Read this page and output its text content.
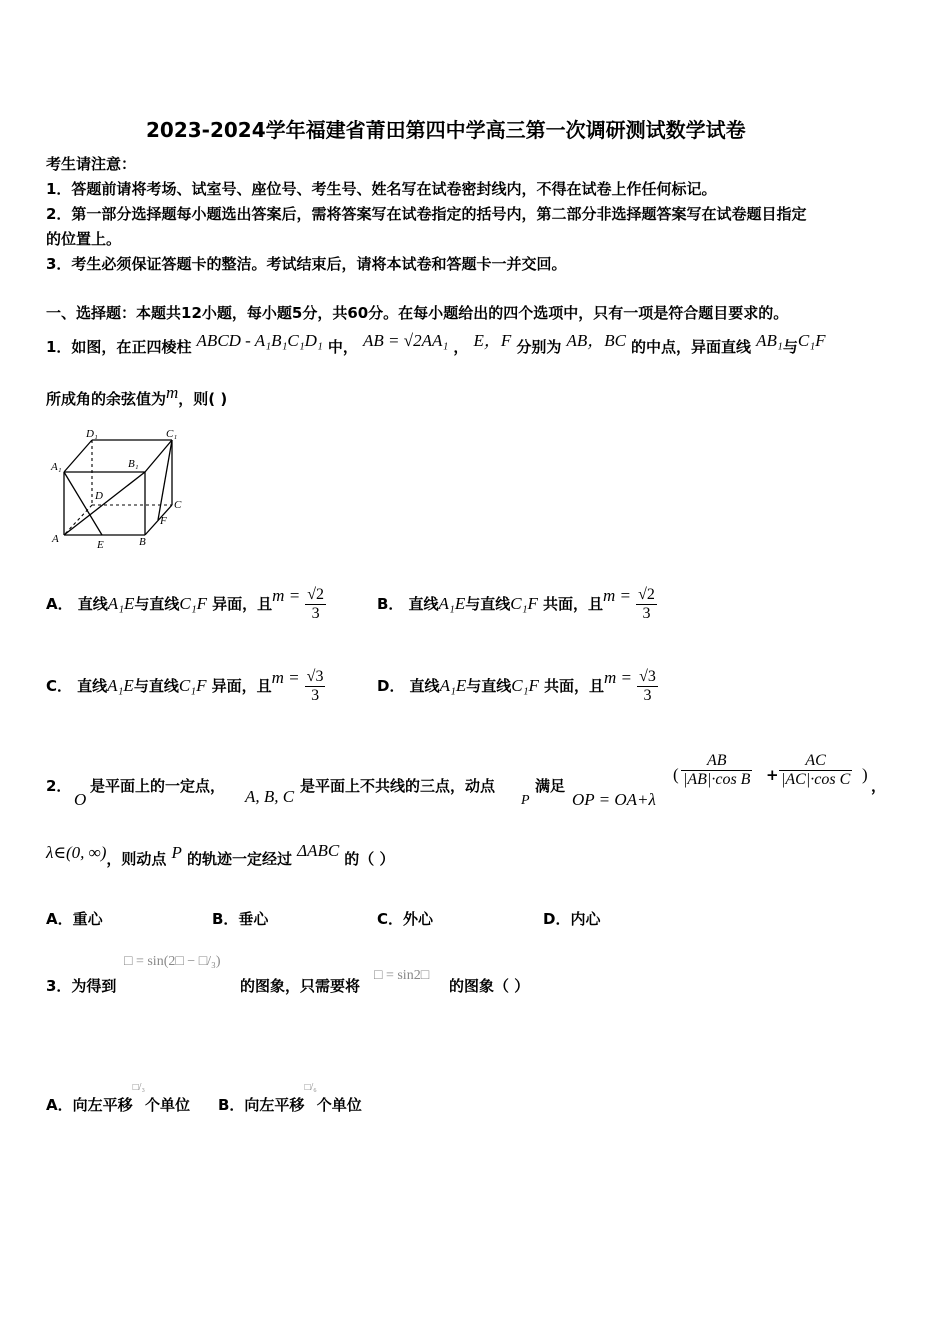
2023-2024学年福建省莆田第四中学高三第一次调研测试数学试卷
考生请注意：
1．答题前请将考场、试室号、座位号、考生号、姓名写在试卷密封线内，不得在试卷上作任何标记。
2．第一部分选择题每小题选出答案后，需将答案写在试卷指定的括号内，第二部分非选择题答案写在试卷题目指定
的位置上。
3．考生必须保证答题卡的整洁。考试结束后，请将本试卷和答题卡一并交回。
一、选择题：本题共12小题，每小题5分，共60分。在每小题给出的四个选项中，只有一项是符合题目要求的。
1．如图，在正四棱柱 ABCD - A₁B₁C₁D₁ 中， AB = √2AA₁ ， E，F 分别为 AB，BC 的中点，异面直线 AB₁与C₁F
所成角的余弦值为m，则( )
D₁	C₁
A₁	B₁
D
C
F
A	E	B
A． 直线A₁E与直线C₁F 异面，且$m = \frac{√2}{3}$	B． 直线A₁E与直线C₁F 共面，且$m = \frac{√2}{3}$
C． 直线A₁E与直线C₁F 异面，且$m = \frac{√3}{3}$	D． 直线A₁E与直线C₁F 共面，且$m = \frac{√3}{3}$
2．
O
是平面上的一定点，
A, B, C
是平面上不共线的三点，动点
P
满足
OP = OA+λ
( $\frac{AB}{\text{|AB|·cos B}} + \frac{AC}{\text{|AC|·cos C}}$ )
，
λ∈(0, ∞)，则动点 P 的轨迹一定经过 ΔABC 的（ ）
A．重心	B．垂心	C．外心	D．内心
3．为得到
□ = sin(2□ − □/₃)
的图象，只需要将
□ = sin2□
的图象（ ）
A．向左平移$^{□/_3}$个单位 B．向左平移$^{□/_6}$个单位
